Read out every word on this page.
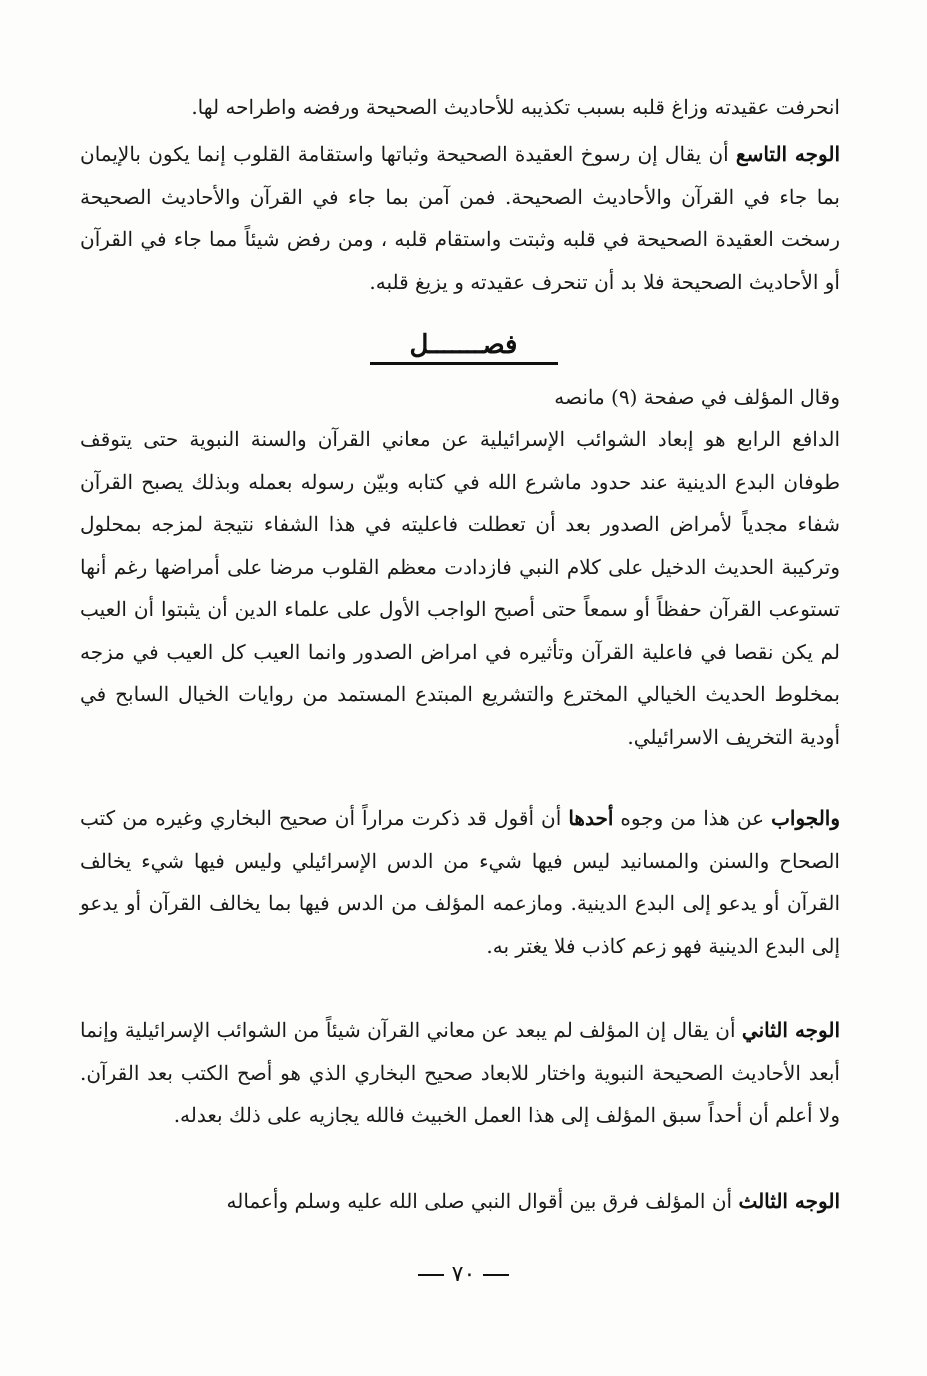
انحرفت عقيدته وزاغ قلبه بسبب تكذيبه للأحاديث الصحيحة ورفضه واطراحه لها.

الوجه التاسع أن يقال إن رسوخ العقيدة الصحيحة وثباتها واستقامة القلوب إنما يكون بالإيمان بما جاء في القرآن والأحاديث الصحيحة. فمن آمن بما جاء في القرآن والأحاديث الصحيحة رسخت العقيدة الصحيحة في قلبه وثبتت واستقام قلبه ، ومن رفض شيئاً مما جاء في القرآن أو الأحاديث الصحيحة فلا بد أن تنحرف عقيدته و يزيغ قلبه.

فصـــــــل

وقال المؤلف في صفحة (٩) مانصه

الدافع الرابع هو إبعاد الشوائب الإسرائيلية عن معاني القرآن والسنة النبوية حتى يتوقف طوفان البدع الدينية عند حدود ماشرع الله في كتابه وبيّن رسوله بعمله وبذلك يصبح القرآن شفاء مجدياً لأمراض الصدور بعد أن تعطلت فاعليته في هذا الشفاء نتيجة لمزجه بمحلول وتركيبة الحديث الدخيل على كلام النبي فازدادت معظم القلوب مرضا على أمراضها رغم أنها تستوعب القرآن حفظاً أو سمعاً حتى أصبح الواجب الأول على علماء الدين أن يثبتوا أن العيب لم يكن نقصا في فاعلية القرآن وتأثيره في امراض الصدور وانما العيب كل العيب في مزجه بمخلوط الحديث الخيالي المخترع والتشريع المبتدع المستمد من روايات الخيال السابح في أودية التخريف الاسرائيلي.

والجواب عن هذا من وجوه أحدها أن أقول قد ذكرت مراراً أن صحيح البخاري وغيره من كتب الصحاح والسنن والمسانيد ليس فيها شيء من الدس الإسرائيلي وليس فيها شيء يخالف القرآن أو يدعو إلى البدع الدينية. ومازعمه المؤلف من الدس فيها بما يخالف القرآن أو يدعو إلى البدع الدينية فهو زعم كاذب فلا يغتر به.

الوجه الثاني أن يقال إن المؤلف لم يبعد عن معاني القرآن شيئاً من الشوائب الإسرائيلية وإنما أبعد الأحاديث الصحيحة النبوية واختار للابعاد صحيح البخاري الذي هو أصح الكتب بعد القرآن. ولا أعلم أن أحداً سبق المؤلف إلى هذا العمل الخبيث فالله يجازيه على ذلك بعدله.

الوجه الثالث أن المؤلف فرق بين أقوال النبي صلى الله عليه وسلم وأعماله

٧٠
